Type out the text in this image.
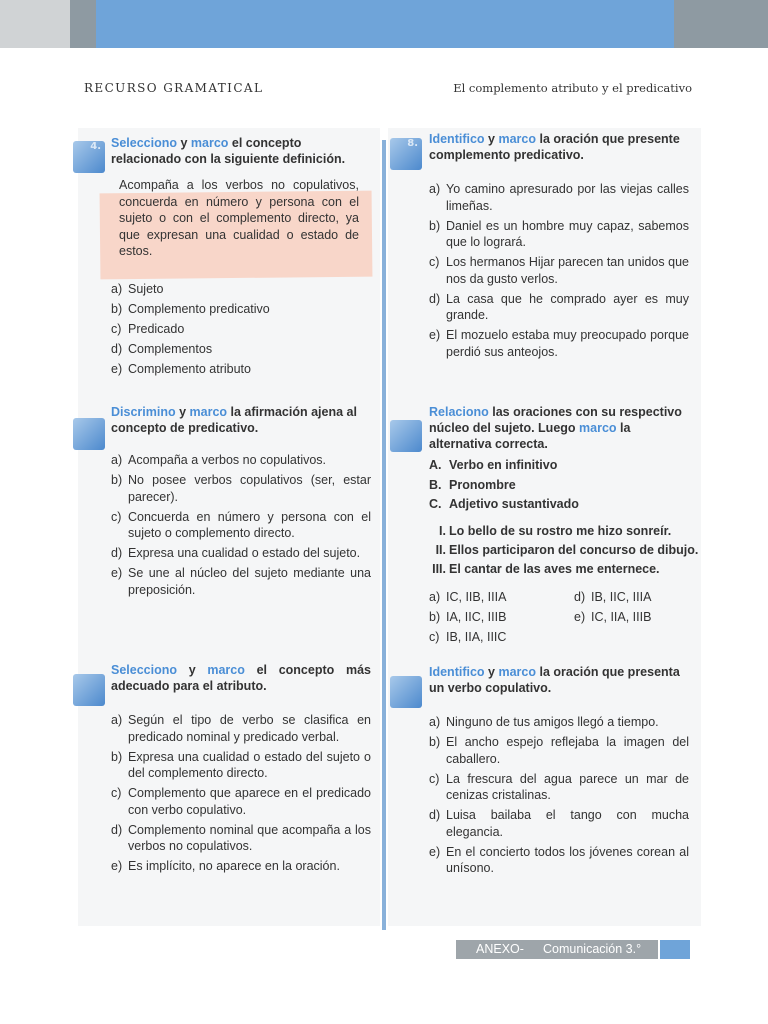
RECURSO GRAMATICAL	El complemento atributo y el predicativo
4. Selecciono y marco el concepto relacionado con la siguiente definición.
Acompaña a los verbos no copulativos, concuerda en número y persona con el sujeto o con el complemento directo, ya que expresan una cualidad o estado de estos.
a) Sujeto
b) Complemento predicativo
c) Predicado
d) Complementos
e) Complemento atributo
Discrimino y marco la afirmación ajena al concepto de predicativo.
a) Acompaña a verbos no copulativos.
b) No posee verbos copulativos (ser, estar parecer).
c) Concuerda en número y persona con el sujeto o complemento directo.
d) Expresa una cualidad o estado del sujeto.
e) Se une al núcleo del sujeto mediante una preposición.
Selecciono y marco el concepto más adecuado para el atributo.
a) Según el tipo de verbo se clasifica en predicado nominal y predicado verbal.
b) Expresa una cualidad o estado del sujeto o del complemento directo.
c) Complemento que aparece en el predicado con verbo copulativo.
d) Complemento nominal que acompaña a los verbos no copulativos.
e) Es implícito, no aparece en la oración.
8. Identifico y marco la oración que presente complemento predicativo.
a) Yo camino apresurado por las viejas calles limeñas.
b) Daniel es un hombre muy capaz, sabemos que lo logrará.
c) Los hermanos Hijar parecen tan unidos que nos da gusto verlos.
d) La casa que he comprado ayer es muy grande.
e) El mozuelo estaba muy preocupado porque perdió sus anteojos.
Relaciono las oraciones con su respectivo núcleo del sujeto. Luego marco la alternativa correcta.
A. Verbo en infinitivo
B. Pronombre
C. Adjetivo sustantivado
I. Lo bello de su rostro me hizo sonreír.
II. Ellos participaron del concurso de dibujo.
III. El cantar de las aves me enternece.
a) IC, IIB, IIIA	d) IB, IIC, IIIA
b) IA, IIC, IIIB	e) IC, IIA, IIIB
c) IB, IIA, IIIC
Identifico y marco la oración que presenta un verbo copulativo.
a) Ninguno de tus amigos llegó a tiempo.
b) El ancho espejo reflejaba la imagen del caballero.
c) La frescura del agua parece un mar de cenizas cristalinas.
d) Luisa bailaba el tango con mucha elegancia.
e) En el concierto todos los jóvenes corean al unísono.
ANEXO- Comunicación 3.°
